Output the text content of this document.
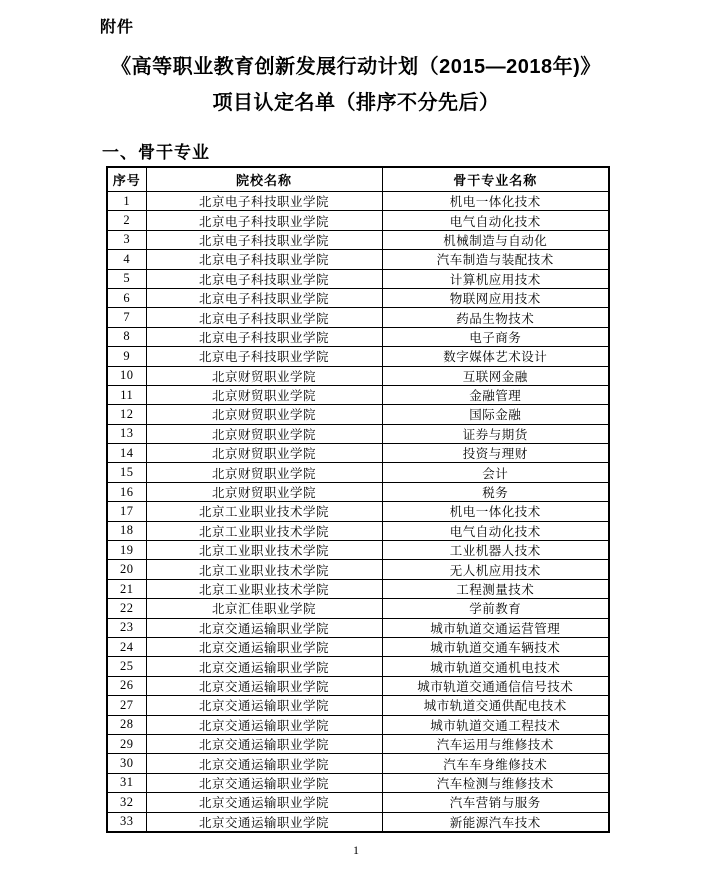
附件
《高等职业教育创新发展行动计划（2015—2018年)》
项目认定名单（排序不分先后）
一、骨干专业
序号	院校名称	骨干专业名称
1	北京电子科技职业学院	机电一体化技术
2	北京电子科技职业学院	电气自动化技术
3	北京电子科技职业学院	机械制造与自动化
4	北京电子科技职业学院	汽车制造与装配技术
5	北京电子科技职业学院	计算机应用技术
6	北京电子科技职业学院	物联网应用技术
7	北京电子科技职业学院	药品生物技术
8	北京电子科技职业学院	电子商务
9	北京电子科技职业学院	数字媒体艺术设计
10	北京财贸职业学院	互联网金融
11	北京财贸职业学院	金融管理
12	北京财贸职业学院	国际金融
13	北京财贸职业学院	证券与期货
14	北京财贸职业学院	投资与理财
15	北京财贸职业学院	会计
16	北京财贸职业学院	税务
17	北京工业职业技术学院	机电一体化技术
18	北京工业职业技术学院	电气自动化技术
19	北京工业职业技术学院	工业机器人技术
20	北京工业职业技术学院	无人机应用技术
21	北京工业职业技术学院	工程测量技术
22	北京汇佳职业学院	学前教育
23	北京交通运输职业学院	城市轨道交通运营管理
24	北京交通运输职业学院	城市轨道交通车辆技术
25	北京交通运输职业学院	城市轨道交通机电技术
26	北京交通运输职业学院	城市轨道交通通信信号技术
27	北京交通运输职业学院	城市轨道交通供配电技术
28	北京交通运输职业学院	城市轨道交通工程技术
29	北京交通运输职业学院	汽车运用与维修技术
30	北京交通运输职业学院	汽车车身维修技术
31	北京交通运输职业学院	汽车检测与维修技术
32	北京交通运输职业学院	汽车营销与服务
33	北京交通运输职业学院	新能源汽车技术
1
